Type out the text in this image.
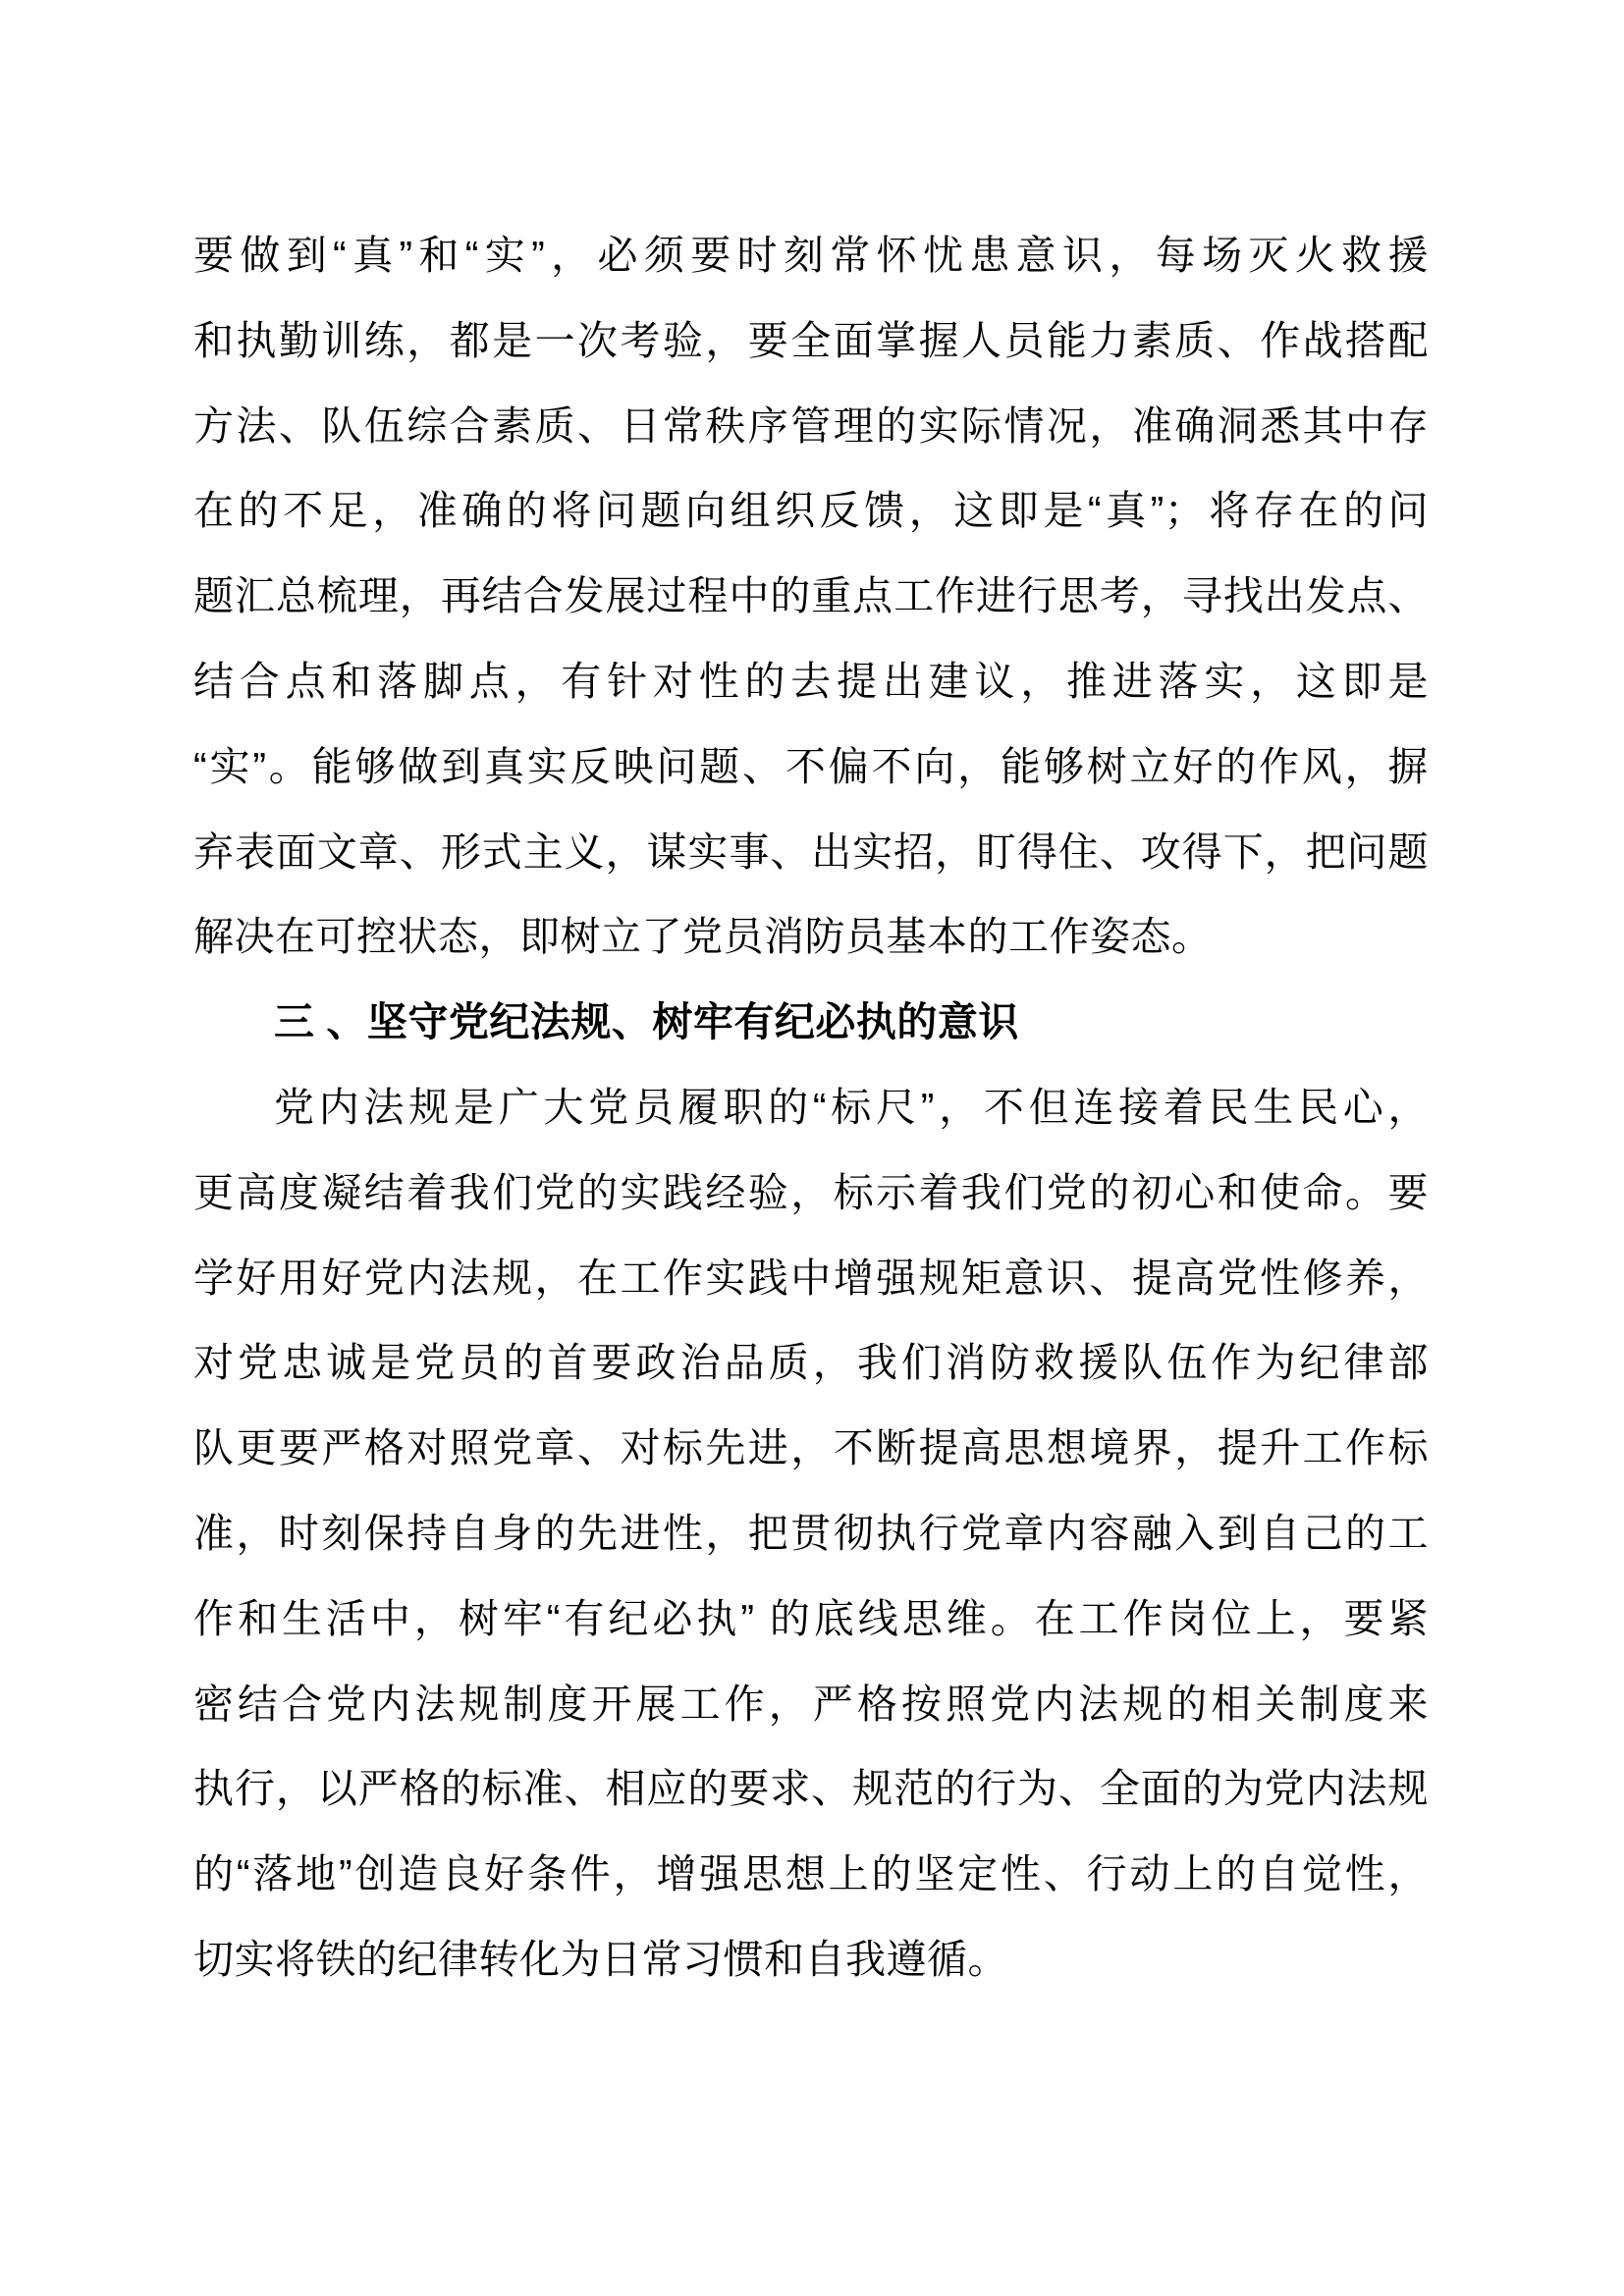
要做到“真”和“实”，必须要时刻常怀忧患意识，每场灭火救援
和执勤训练，都是一次考验，要全面掌握人员能力素质、作战搭配
方法、队伍综合素质、日常秩序管理的实际情况，准确洞悉其中存
在的不足，准确的将问题向组织反馈，这即是“真”；将存在的问
题汇总梳理，再结合发展过程中的重点工作进行思考，寻找出发点、
结合点和落脚点，有针对性的去提出建议，推进落实，这即是
“实”。能够做到真实反映问题、不偏不向，能够树立好的作风，摒
弃表面文章、形式主义，谋实事、出实招，盯得住、攻得下，把问题
解决在可控状态，即树立了党员消防员基本的工作姿态。
三 、坚守党纪法规、树牢有纪必执的意识
党内法规是广大党员履职的“标尺”，不但连接着民生民心，
更高度凝结着我们党的实践经验，标示着我们党的初心和使命。要
学好用好党内法规，在工作实践中增强规矩意识、提高党性修养，
对党忠诚是党员的首要政治品质，我们消防救援队伍作为纪律部
队更要严格对照党章、对标先进，不断提高思想境界，提升工作标
准，时刻保持自身的先进性，把贯彻执行党章内容融入到自己的工
作和生活中，树牢“有纪必执” 的底线思维。在工作岗位上，要紧
密结合党内法规制度开展工作，严格按照党内法规的相关制度来
执行，以严格的标准、相应的要求、规范的行为、全面的为党内法规
的“落地”创造良好条件，增强思想上的坚定性、行动上的自觉性，
切实将铁的纪律转化为日常习惯和自我遵循。
